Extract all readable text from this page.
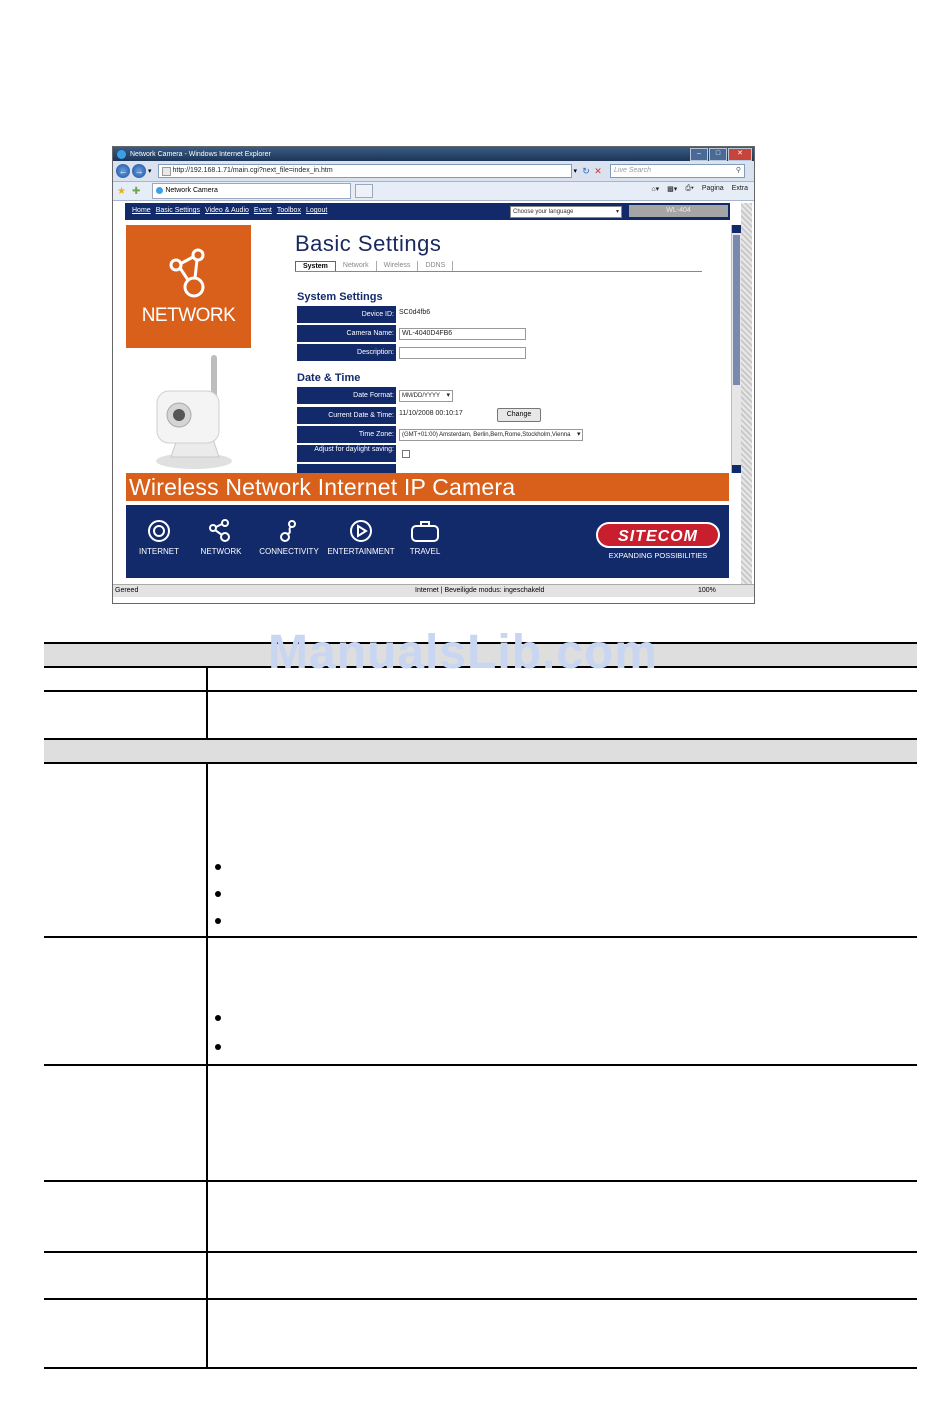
Network Camera - Windows Internet Explorer	–	□	✕
← → ▾	http://192.168.1.71/main.cgi?next_file=index_in.htm	▾ ↻ ✕	Live Search	⚲
★ ✚	Network Camera	⌂▾ ▩▾ ⎙▾ Pagina Extra
Home Basic Settings Video & Audio Event Toolbox Logout	Choose your language	▾	WL-404
NETWORK
Basic Settings
System	Network	Wireless	DDNS
System Settings
Device ID: SC0d4fb6
Camera Name:	WL-4040D4FB6
Description:
Date & Time
Date Format:	MM/DD/YYYY ▾
Current Date & Time: 11/10/2008 00:10:17	Change
Time Zone:	(GMT+01:00) Amsterdam, Berlin,Bern,Rome,Stockholm,Vienna ▾
Adjust for daylight saving:
Wireless Network Internet IP Camera
INTERNET	NETWORK	CONNECTIVITY	ENTERTAINMENT	TRAVEL
SITECOM
EXPANDING POSSIBILITIES
Gereed	Internet | Beveiligde modus: ingeschakeld	100%
ManualsLib.com
